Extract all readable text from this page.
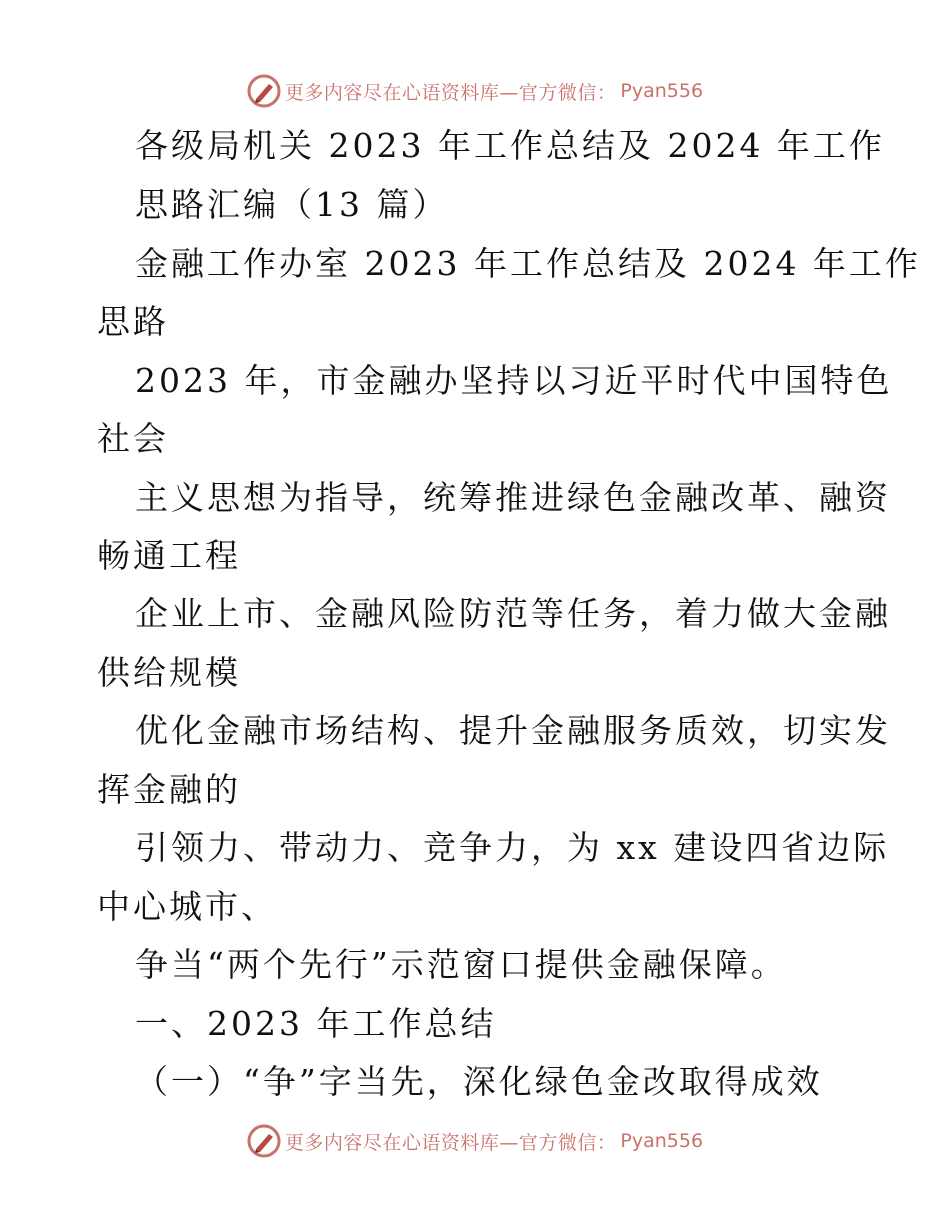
更多内容尽在心语资料库—官方微信： Pyan556
各级局机关 2023 年工作总结及 2024 年工作
思路汇编（13 篇）
金融工作办室 2023 年工作总结及 2024 年工作
思路
2023 年，市金融办坚持以习近平时代中国特色
社会
主义思想为指导，统筹推进绿色金融改革、融资
畅通工程
企业上市、金融风险防范等任务，着力做大金融
供给规模
优化金融市场结构、提升金融服务质效，切实发
挥金融的
引领力、带动力、竞争力，为 xx 建设四省边际
中心城市、
争当“两个先行”示范窗口提供金融保障。
一、2023 年工作总结
（一）“争”字当先，深化绿色金改取得成效
更多内容尽在心语资料库—官方微信： Pyan556
